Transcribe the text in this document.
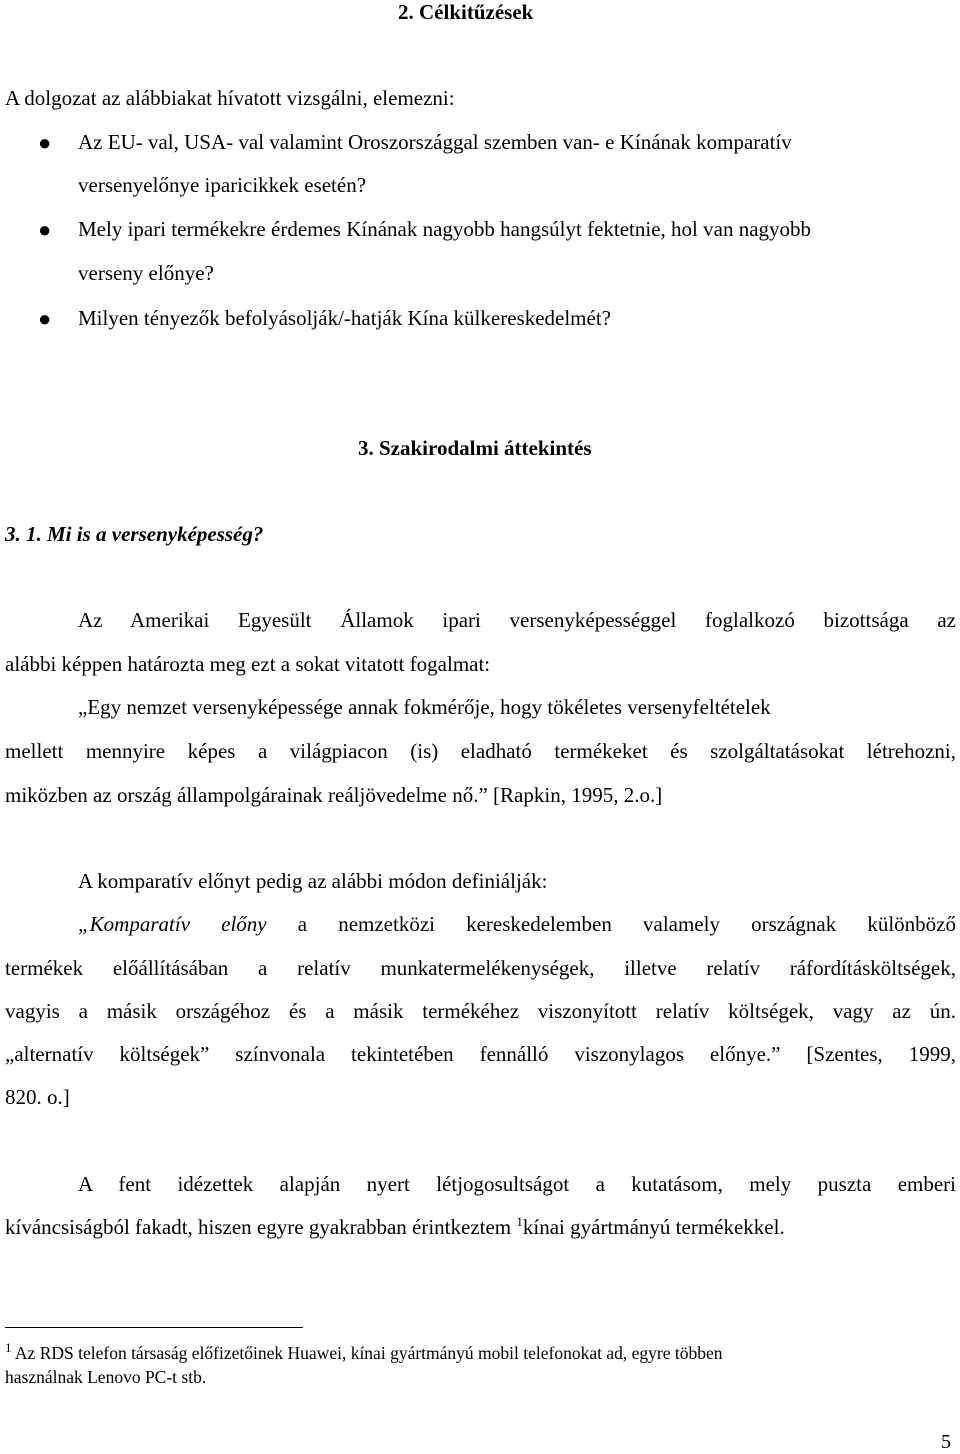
2. Célkitűzések
A dolgozat az alábbiakat hívatott vizsgálni, elemezni:
● Az EU- val, USA- val valamint Oroszországgal szemben van- e Kínának komparatív
versenyelőnye iparicikkek esetén?
● Mely ipari termékekre érdemes Kínának nagyobb hangsúlyt fektetnie, hol van nagyobb
verseny előnye?
● Milyen tényezők befolyásolják/-hatják Kína külkereskedelmét?
3. Szakirodalmi áttekintés
3. 1. Mi is a versenyképesség?
Az Amerikai Egyesült Államok ipari versenyképességgel foglalkozó bizottsága az
alábbi képpen határozta meg ezt a sokat vitatott fogalmat:
„Egy nemzet versenyképessége annak fokmérője, hogy tökéletes versenyfeltételek
mellett mennyire képes a világpiacon (is) eladható termékeket és szolgáltatásokat létrehozni,
miközben az ország állampolgárainak reáljövedelme nő.” [Rapkin, 1995, 2.o.]
A komparatív előnyt pedig az alábbi módon definiálják:
„Komparatív előny a nemzetközi kereskedelemben valamely országnak különböző
termékek előállításában a relatív munkatermelékenységek, illetve relatív ráfordításköltségek,
vagyis a másik országéhoz és a másik termékéhez viszonyított relatív költségek, vagy az ún.
„alternatív költségek” színvonala tekintetében fennálló viszonylagos előnye.” [Szentes, 1999,
820. o.]
A fent idézettek alapján nyert létjogosultságot a kutatásom, mely puszta emberi
kíváncsiságból fakadt, hiszen egyre gyakrabban érintkeztem $^1$kínai gyártmányú termékekkel.
$^1$ Az RDS telefon társaság előfizetőinek Huawei, kínai gyártmányú mobil telefonokat ad, egyre többen
használnak Lenovo PC-t stb.
5
